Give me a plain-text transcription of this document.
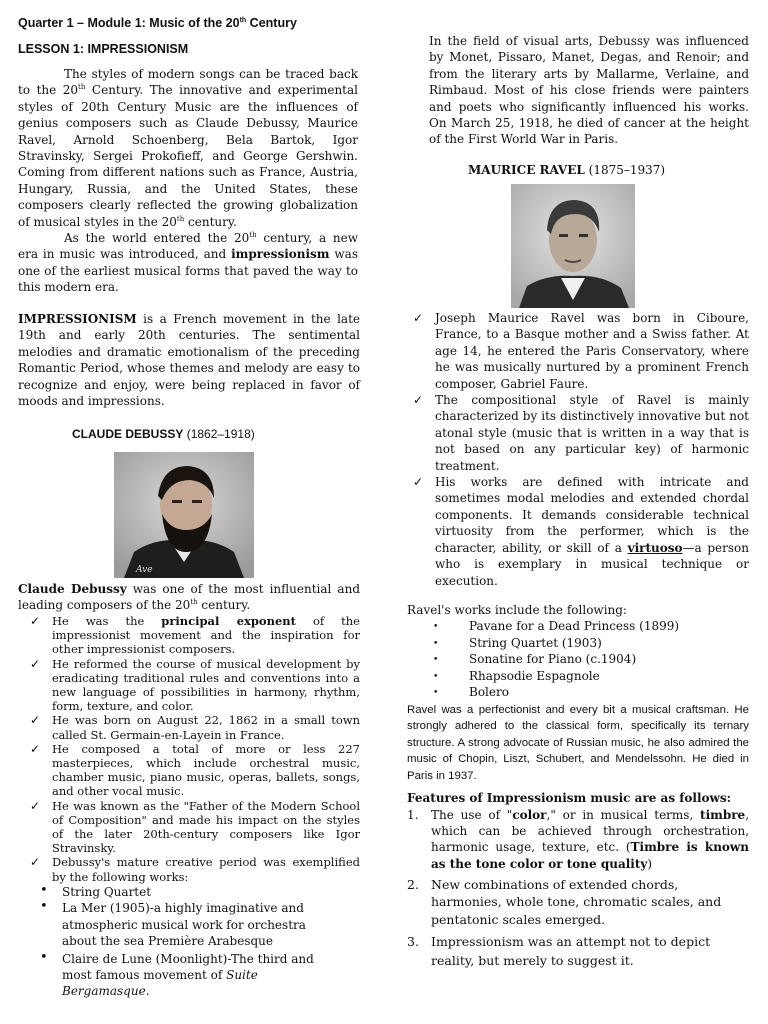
Quarter 1 – Module 1: Music of the 20th Century
LESSON 1: IMPRESSIONISM

The styles of modern songs can be traced back to the 20th Century. The innovative and experimental styles of 20th Century Music are the influences of genius composers such as Claude Debussy, Maurice Ravel, Arnold Schoenberg, Bela Bartok, Igor Stravinsky, Sergei Prokofieff, and George Gershwin. Coming from different nations such as France, Austria, Hungary, Russia, and the United States, these composers clearly reflected the growing globalization of musical styles in the 20th century.

As the world entered the 20th century, a new era in music was introduced, and impressionism was one of the earliest musical forms that paved the way to this modern era.

IMPRESSIONISM is a French movement in the late 19th and early 20th centuries. The sentimental melodies and dramatic emotionalism of the preceding Romantic Period, whose themes and melody are easy to recognize and enjoy, were being replaced in favor of moods and impressions.

CLAUDE DEBUSSY (1862–1918)
Ave

Claude Debussy was one of the most influential and leading composers of the 20th century.

✓ He was the principal exponent of the impressionist movement and the inspiration for other impressionist composers.
✓ He reformed the course of musical development by eradicating traditional rules and conventions into a new language of possibilities in harmony, rhythm, form, texture, and color.
✓ He was born on August 22, 1862 in a small town called St. Germain-en-Layein in France.
✓ He composed a total of more or less 227 masterpieces, which include orchestral music, chamber music, piano music, operas, ballets, songs, and other vocal music.
✓ He was known as the "Father of the Modern School of Composition" and made his impact on the styles of the later 20th-century composers like Igor Stravinsky.
✓ Debussy's mature creative period was exemplified by the following works:
• String Quartet
• La Mer (1905)-a highly imaginative and atmospheric musical work for orchestra about the sea Première Arabesque
• Claire de Lune (Moonlight)-The third and most famous movement of Suite Bergamasque.

In the field of visual arts, Debussy was influenced by Monet, Pissaro, Manet, Degas, and Renoir; and from the literary arts by Mallarme, Verlaine, and Rimbaud. Most of his close friends were painters and poets who significantly influenced his works. On March 25, 1918, he died of cancer at the height of the First World War in Paris.

MAURICE RAVEL (1875–1937)
✓ Joseph Maurice Ravel was born in Ciboure, France, to a Basque mother and a Swiss father. At age 14, he entered the Paris Conservatory, where he was musically nurtured by a prominent French composer, Gabriel Faure.
✓ The compositional style of Ravel is mainly characterized by its distinctively innovative but not atonal style (music that is written in a way that is not based on any particular key) of harmonic treatment.
✓ His works are defined with intricate and sometimes modal melodies and extended chordal components. It demands considerable technical virtuosity from the performer, which is the character, ability, or skill of a virtuoso—a person who is exemplary in musical technique or execution.
Ravel's works include the following:
•	Pavane for a Dead Princess (1899)
•	String Quartet (1903)
•	Sonatine for Piano (c.1904)
•	Rhapsodie Espagnole
•	Bolero

Ravel was a perfectionist and every bit a musical craftsman. He strongly adhered to the classical form, specifically its ternary structure. A strong advocate of Russian music, he also admired the music of Chopin, Liszt, Schubert, and Mendelssohn. He died in Paris in 1937.

Features of Impressionism music are as follows:
1. The use of "color," or in musical terms, timbre, which can be achieved through orchestration, harmonic usage, texture, etc. (Timbre is known as the tone color or tone quality)
2. New combinations of extended chords, harmonies, whole tone, chromatic scales, and pentatonic scales emerged.
3. Impressionism was an attempt not to depict reality, but merely to suggest it.
